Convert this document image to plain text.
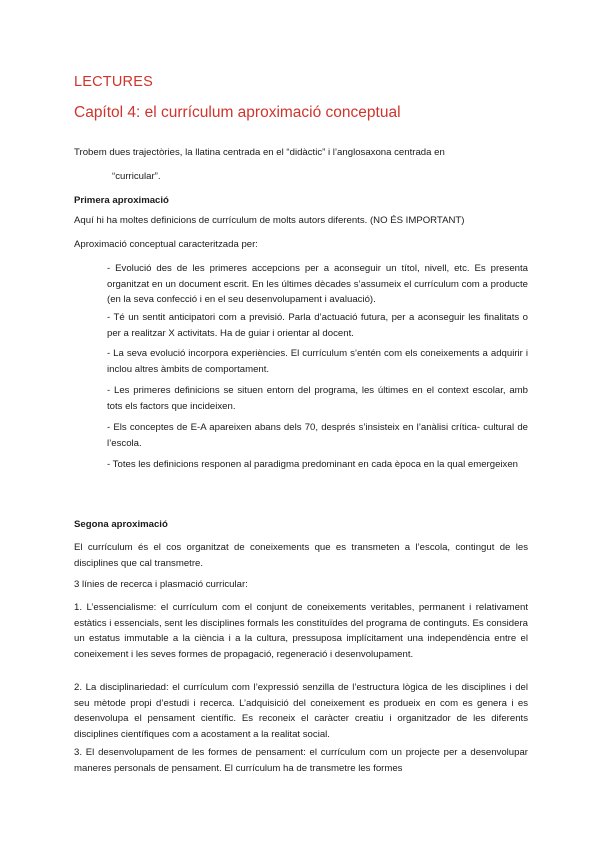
LECTURES
Capítol 4: el currículum aproximació conceptual

Trobem dues trajectòries, la llatina centrada en el “didàctic” i l’anglosaxona centrada en

“curricular”.

Primera aproximació

Aquí hi ha moltes definicions de currículum de molts autors diferents. (NO ÉS IMPORTANT)

Aproximació conceptual caracteritzada per:

- Evolució des de les primeres accepcions per a aconseguir un títol, nivell, etc. Es presenta organitzat en un document escrit. En les últimes dècades s’assumeix el currículum com a producte (en la seva confecció i en el seu desenvolupament i avaluació).

- Té un sentit anticipatori com a previsió. Parla d’actuació futura, per a aconseguir les finalitats o per a realitzar X activitats. Ha de guiar i orientar al docent.

- La seva evolució incorpora experiències. El currículum s’entén com els coneixements a adquirir i inclou altres àmbits de comportament.

- Les primeres definicions se situen entorn del programa, les últimes en el context escolar, amb tots els factors que incideixen.

- Els conceptes de E-A apareixen abans dels 70, després s’insisteix en l’anàlisi crítica- cultural de l’escola.

- Totes les definicions responen al paradigma predominant en cada època en la qual emergeixen

Segona aproximació

El currículum és el cos organitzat de coneixements que es transmeten a l’escola, contingut de les disciplines que cal transmetre.

3 línies de recerca i plasmació curricular:

1. L’essencialisme: el currículum com el conjunt de coneixements veritables, permanent i relativament estàtics i essencials, sent les disciplines formals les constituïdes del programa de continguts. Es considera un estatus immutable a la ciència i a la cultura, pressuposa implícitament una independència entre el coneixement i les seves formes de propagació, regeneració i desenvolupament.

2. La disciplinariedad: el currículum com l’expressió senzilla de l’estructura lògica de les disciplines i del seu mètode propi d’estudi i recerca. L’adquisició del coneixement es produeix en com es genera i es desenvolupa el pensament científic. Es reconeix el caràcter creatiu i organitzador de les diferents disciplines científiques com a acostament a la realitat social.

3. El desenvolupament de les formes de pensament: el currículum com un projecte per a desenvolupar maneres personals de pensament. El currículum ha de transmetre les formes
